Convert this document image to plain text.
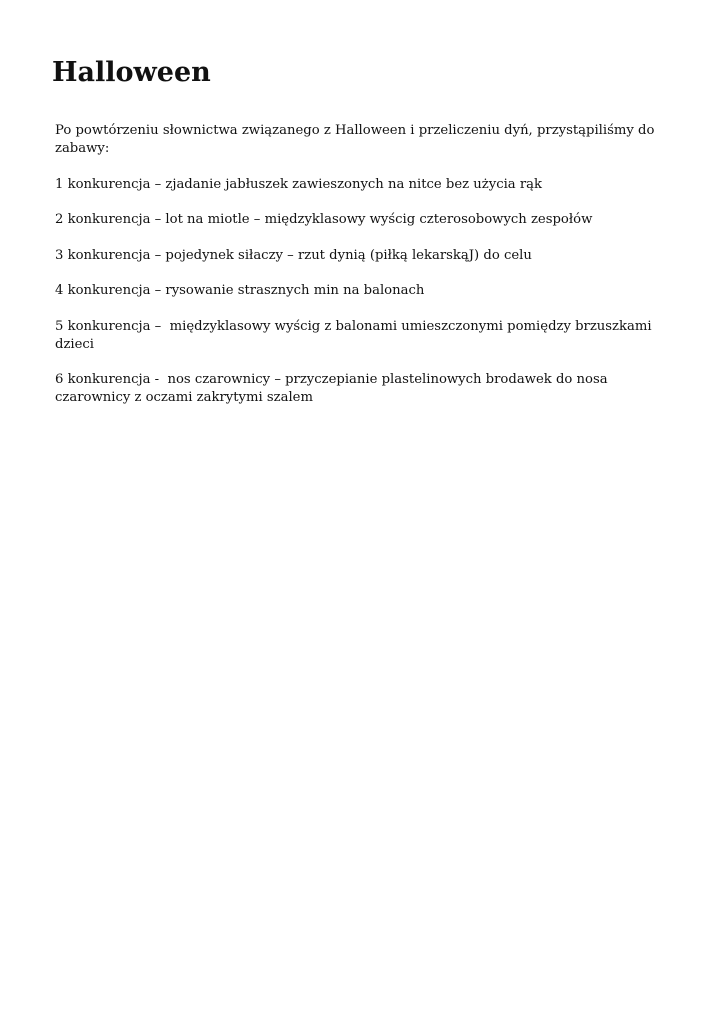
Halloween

Po powtórzeniu słownictwa związanego z Halloween i przeliczeniu dyń, przystąpiliśmy do zabawy:

1 konkurencja – zjadanie jabłuszek zawieszonych na nitce bez użycia rąk

2 konkurencja – lot na miotle – międzyklasowy wyścig czterosobowych zespołów

3 konkurencja – pojedynek siłaczy – rzut dynią (piłką lekarskąJ) do celu

4 konkurencja – rysowanie strasznych min na balonach

5 konkurencja –  międzyklasowy wyścig z balonami umieszczonymi pomiędzy brzuszkami dzieci

6 konkurencja -  nos czarownicy – przyczepianie plastelinowych brodawek do nosa czarownicy z oczami zakrytymi szalem
